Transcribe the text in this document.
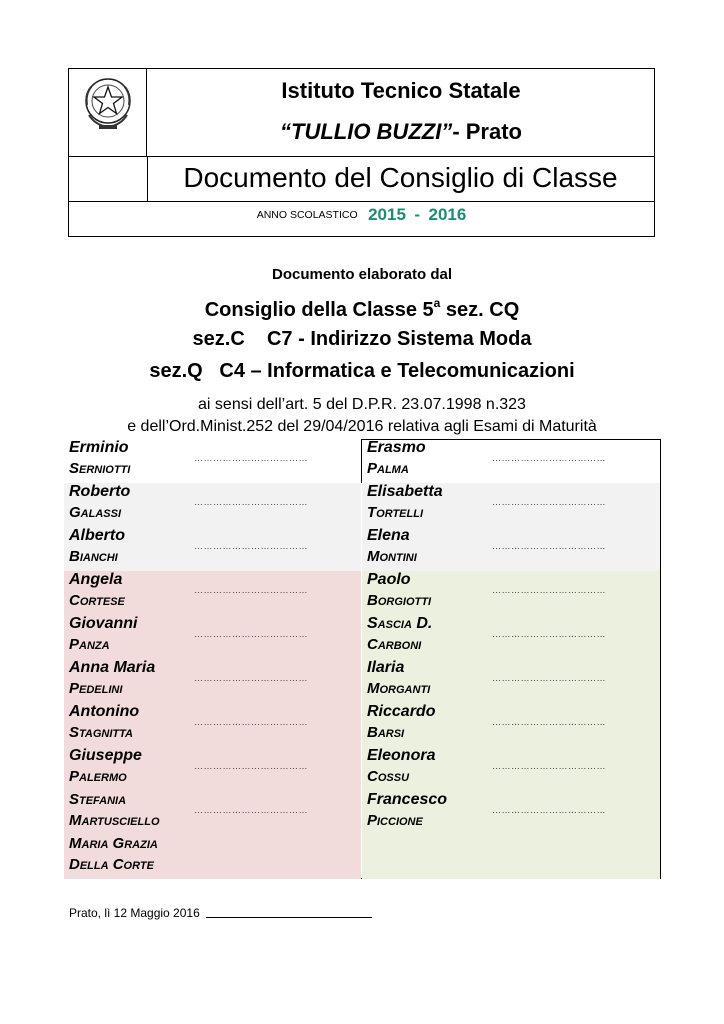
Istituto Tecnico Statale
“TULLIO BUZZI”- Prato
Documento del Consiglio di Classe
ANNO SCOLASTICO 2015 - 2016
Documento elaborato dal
Consiglio della Classe 5$^a$ sez. CQ
sez.C    C7 - Indirizzo Sistema Moda
sez.Q   C4 – Informatica e Telecomunicazioni
ai sensi dell’art. 5 del D.P.R. 23.07.1998 n.323
e dell’Ord.Minist.252 del 29/04/2016 relativa agli Esami di Maturità
Erminio
Serniotti
………………………………
Roberto
Galassi
………………………………
Alberto
Bianchi
………………………………
Angela
Cortese
………………………………
Giovanni
Panza
………………………………
Anna Maria
Pedelini
………………………………
Antonino
Stagnitta
………………………………
Giuseppe
Palermo
………………………………
Stefania
Martusciello
………………………………
Maria Grazia
Della Corte
Erasmo
Palma
………………………………
Elisabetta
Tortelli
………………………………
Elena
Montini
………………………………
Paolo
Borgiotti
………………………………
Sascia D.
Carboni
………………………………
Ilaria
Morganti
………………………………
Riccardo
Barsi
………………………………
Eleonora
Cossu
………………………………
Francesco
Piccione
………………………………
Prato, lì 12 Maggio 2016
